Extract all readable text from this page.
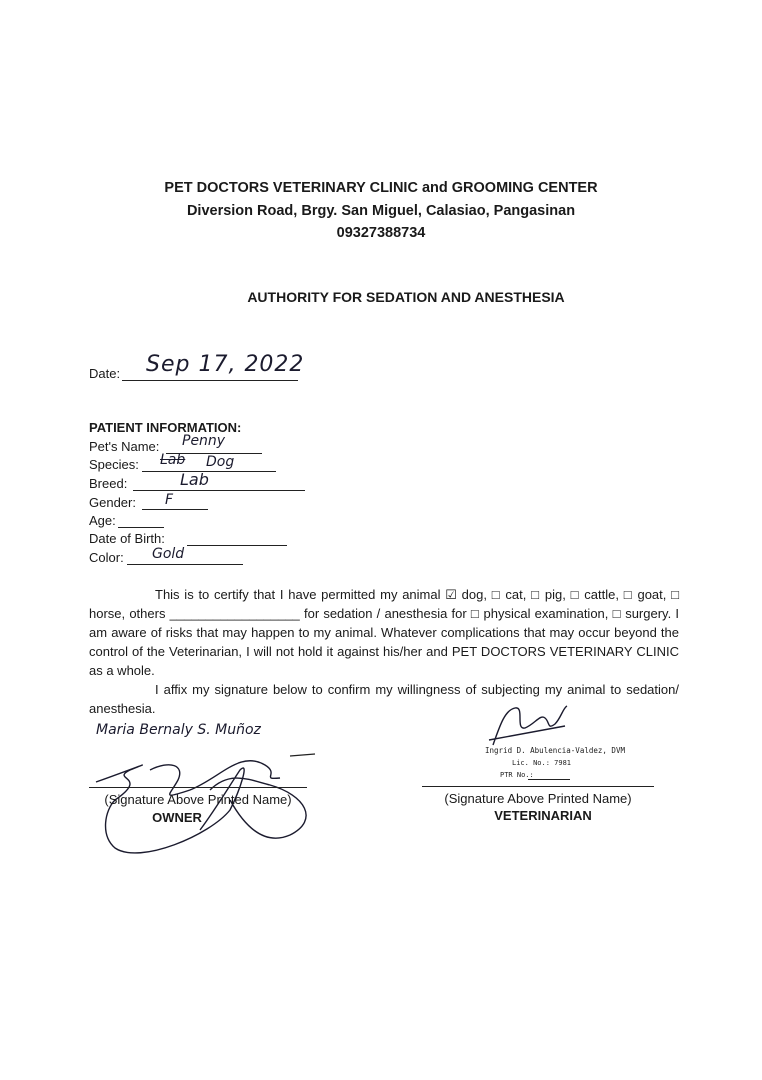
PET DOCTORS VETERINARY CLINIC and GROOMING CENTER
Diversion Road, Brgy. San Miguel, Calasiao, Pangasinan
09327388734
AUTHORITY FOR SEDATION AND ANESTHESIA
Date: Sep 17, 2022
PATIENT INFORMATION:
Pet's Name: Penny
Species: Lab Dog
Breed:	Lab
Gender: F
Age:
Date of Birth:
Color: Gold
This is to certify that I have permitted my animal ☑ dog, □ cat, □ pig, □ cattle, □ goat, □ horse, others __________________ for sedation / anesthesia for □ physical examination, □ surgery. I am aware of risks that may happen to my animal. Whatever complications that may occur beyond the control of the Veterinarian, I will not hold it against his/her and PET DOCTORS VETERINARY CLINIC as a whole.
I affix my signature below to confirm my willingness of subjecting my animal to sedation/ anesthesia.
Maria Bernaly S. Muñoz
(Signature Above Printed Name)
OWNER
Ingrid D. Abulencia-Valdez, DVM
Lic. No.: 7981
PTR No.:
(Signature Above Printed Name)
VETERINARIAN
